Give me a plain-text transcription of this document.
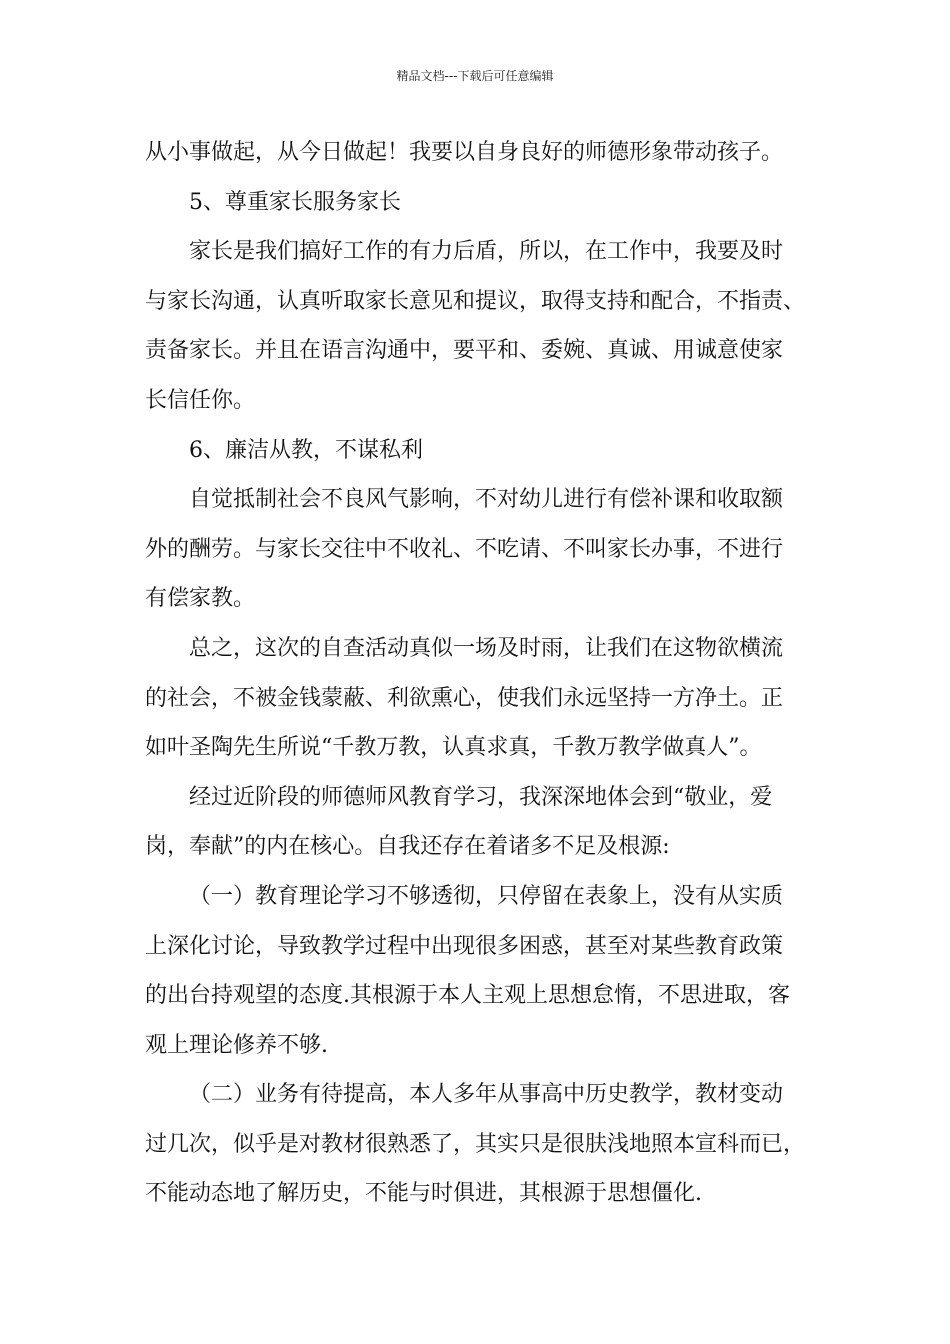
精品文档---下载后可任意编辑
从小事做起，从今日做起！我要以自身良好的师德形象带动孩子。
5、尊重家长服务家长
家长是我们搞好工作的有力后盾，所以，在工作中，我要及时
与家长沟通，认真听取家长意见和提议，取得支持和配合，不指责、
责备家长。并且在语言沟通中，要平和、委婉、真诚、用诚意使家
长信任你。
6、廉洁从教，不谋私利
自觉抵制社会不良风气影响，不对幼儿进行有偿补课和收取额
外的酬劳。与家长交往中不收礼、不吃请、不叫家长办事，不进行
有偿家教。
总之，这次的自查活动真似一场及时雨，让我们在这物欲横流
的社会，不被金钱蒙蔽、利欲熏心，使我们永远坚持一方净土。正
如叶圣陶先生所说“千教万教，认真求真，千教万教学做真人”。
经过近阶段的师德师风教育学习，我深深地体会到“敬业，爱
岗，奉献”的内在核心。自我还存在着诸多不足及根源:
（一）教育理论学习不够透彻，只停留在表象上，没有从实质
上深化讨论，导致教学过程中出现很多困惑，甚至对某些教育政策
的出台持观望的态度.其根源于本人主观上思想怠惰，不思进取，客
观上理论修养不够.
（二）业务有待提高，本人多年从事高中历史教学，教材变动
过几次，似乎是对教材很熟悉了，其实只是很肤浅地照本宣科而已，
不能动态地了解历史，不能与时俱进，其根源于思想僵化.
